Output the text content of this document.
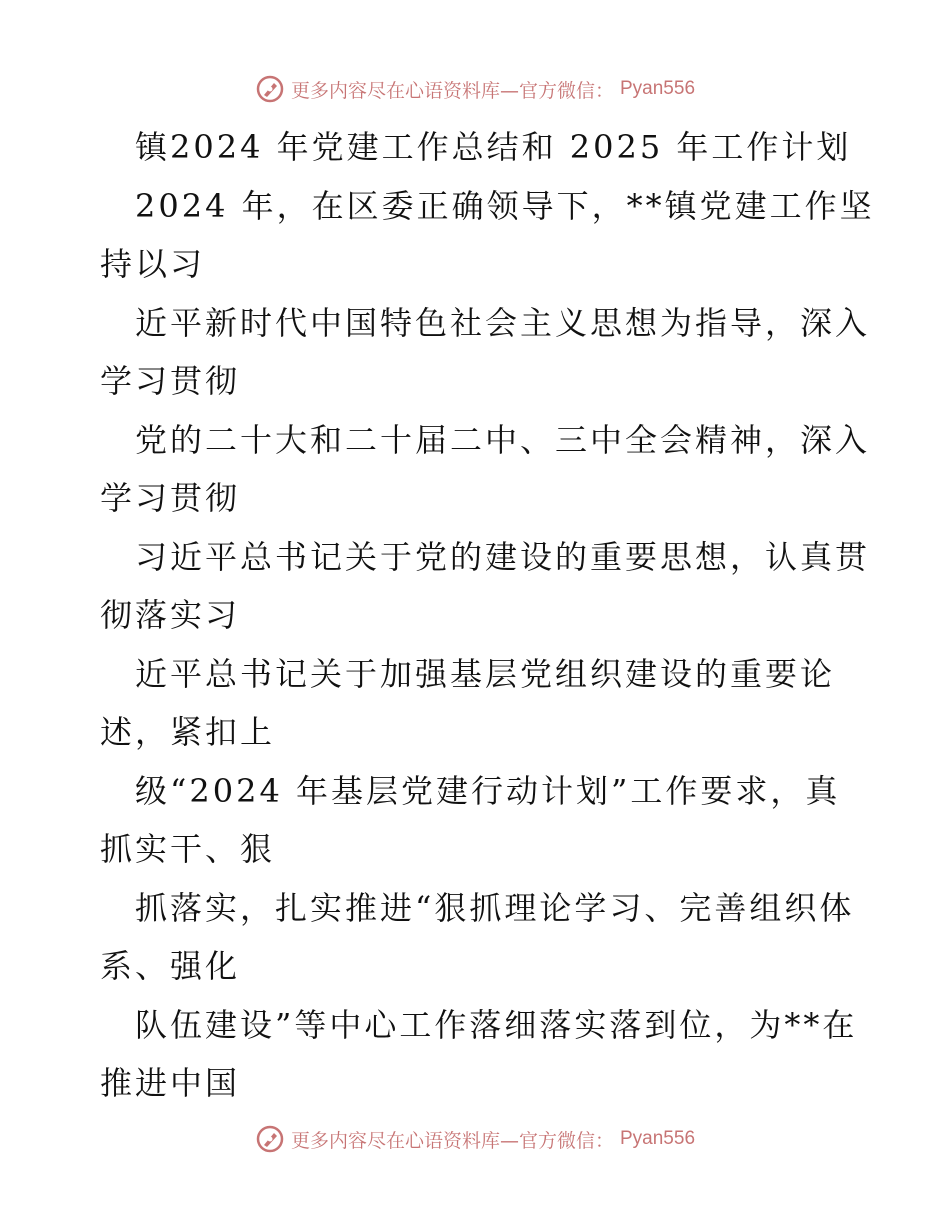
更多内容尽在心语资料库—官方微信： Pyan556
镇2024 年党建工作总结和 2025 年工作计划
2024 年，在区委正确领导下，**镇党建工作坚
持以习
近平新时代中国特色社会主义思想为指导，深入
学习贯彻
党的二十大和二十届二中、三中全会精神，深入
学习贯彻
习近平总书记关于党的建设的重要思想，认真贯
彻落实习
近平总书记关于加强基层党组织建设的重要论
述，紧扣上
级“2024 年基层党建行动计划”工作要求，真
抓实干、狠
抓落实，扎实推进“狠抓理论学习、完善组织体
系、强化
队伍建设”等中心工作落细落实落到位，为**在
推进中国
更多内容尽在心语资料库—官方微信： Pyan556
